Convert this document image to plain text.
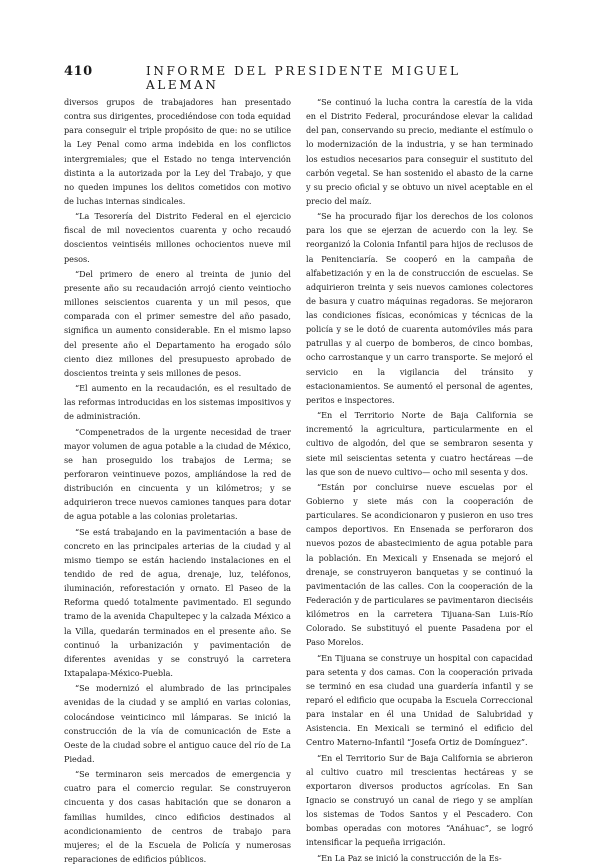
410	INFORME DEL PRESIDENTE MIGUEL ALEMAN

diversos grupos de trabajadores han presentado contra sus dirigentes, procediéndose con toda equidad para conseguir el triple propósito de que: no se utilice la Ley Penal como arma indebida en los conflictos intergremiales; que el Estado no tenga intervención distinta a la autorizada por la Ley del Trabajo, y que no queden impunes los delitos cometidos con motivo de luchas internas sindicales.

“La Tesorería del Distrito Federal en el ejercicio fiscal de mil novecientos cuarenta y ocho recaudó doscientos veintiséis millones ochocientos nueve mil pesos.

“Del primero de enero al treinta de junio del presente año su recaudación arrojó ciento veintiocho millones seiscientos cuarenta y un mil pesos, que comparada con el primer semestre del año pasado, significa un aumento considerable. En el mismo lapso del presente año el Departamento ha erogado sólo ciento diez millones del presupuesto aprobado de doscientos treinta y seis millones de pesos.

“El aumento en la recaudación, es el resultado de las reformas introducidas en los sistemas impositivos y de administración.

“Compenetrados de la urgente necesidad de traer mayor volumen de agua potable a la ciudad de México, se han proseguido los trabajos de Lerma; se perforaron veintinueve pozos, ampliándose la red de distribución en cincuenta y un kilómetros; y se adquirieron trece nuevos camiones tanques para dotar de agua potable a las colonias proletarias.

“Se está trabajando en la pavimentación a base de concreto en las principales arterias de la ciudad y al mismo tiempo se están haciendo instalaciones en el tendido de red de agua, drenaje, luz, teléfonos, iluminación, reforestación y ornato. El Paseo de la Reforma quedó totalmente pavimentado. El segundo tramo de la avenida Chapultepec y la calzada México a la Villa, quedarán terminados en el presente año. Se continuó la urbanización y pavimentación de diferentes avenidas y se construyó la carretera Ixtapalapa-México-Puebla.

“Se modernizó el alumbrado de las principales avenidas de la ciudad y se amplió en varias colonias, colocándose veinticinco mil lámparas. Se inició la construcción de la vía de comunicación de Este a Oeste de la ciudad sobre el antiguo cauce del río de La Piedad.

“Se terminaron seis mercados de emergencia y cuatro para el comercio regular. Se construyeron cincuenta y dos casas habitación que se donaron a familias humildes, cinco edificios destinados al acondicionamiento de centros de trabajo para mujeres; el de la Escuela de Policía y numerosas reparaciones de edificios públicos.

“Se continuó la lucha contra la carestía de la vida en el Distrito Federal, procurándose elevar la calidad del pan, conservando su precio, mediante el estímulo o lo modernización de la industria, y se han terminado los estudios necesarios para conseguir el sustituto del carbón vegetal. Se han sostenido el abasto de la carne y su precio oficial y se obtuvo un nivel aceptable en el precio del maíz.

“Se ha procurado fijar los derechos de los colonos para los que se ejerzan de acuerdo con la ley. Se reorganizó la Colonia Infantil para hijos de reclusos de la Penitenciaría. Se cooperó en la campaña de alfabetización y en la de construcción de escuelas. Se adquirieron treinta y seis nuevos camiones colectores de basura y cuatro máquinas regadoras. Se mejoraron las condiciones físicas, económicas y técnicas de la policía y se le dotó de cuarenta automóviles más para patrullas y al cuerpo de bomberos, de cinco bombas, ocho carrostanque y un carro transporte. Se mejoró el servicio en la vigilancia del tránsito y estacionamientos. Se aumentó el personal de agentes, peritos e inspectores.

“En el Territorio Norte de Baja California se incrementó la agricultura, particularmente en el cultivo de algodón, del que se sembraron sesenta y siete mil seiscientas setenta y cuatro hectáreas —de las que son de nuevo cultivo— ocho mil sesenta y dos.

“Están por concluirse nueve escuelas por el Gobierno y siete más con la cooperación de particulares. Se acondicionaron y pusieron en uso tres campos deportivos. En Ensenada se perforaron dos nuevos pozos de abastecimiento de agua potable para la población. En Mexicali y Ensenada se mejoró el drenaje, se construyeron banquetas y se continuó la pavimentación de las calles. Con la cooperación de la Federación y de particulares se pavimentaron dieciséis kilómetros en la carretera Tijuana-San Luis-Río Colorado. Se substituyó el puente Pasadena por el Paso Morelos.

“En Tijuana se construye un hospital con capacidad para setenta y dos camas. Con la cooperación privada se terminó en esa ciudad una guardería infantil y se reparó el edificio que ocupaba la Escuela Correccional para instalar en él una Unidad de Salubridad y Asistencia. En Mexicali se terminó el edificio del Centro Materno-Infantil “Josefa Ortiz de Domínguez”.

“En el Territorio Sur de Baja California se abrieron al cultivo cuatro mil trescientas hectáreas y se exportaron diversos productos agrícolas. En San Ignacio se construyó un canal de riego y se amplían los sistemas de Todos Santos y el Pescadero. Con bombas operadas con motores “Anáhuac”, se logró intensificar la pequeña irrigación.

“En La Paz se inició la construcción de la Es-
